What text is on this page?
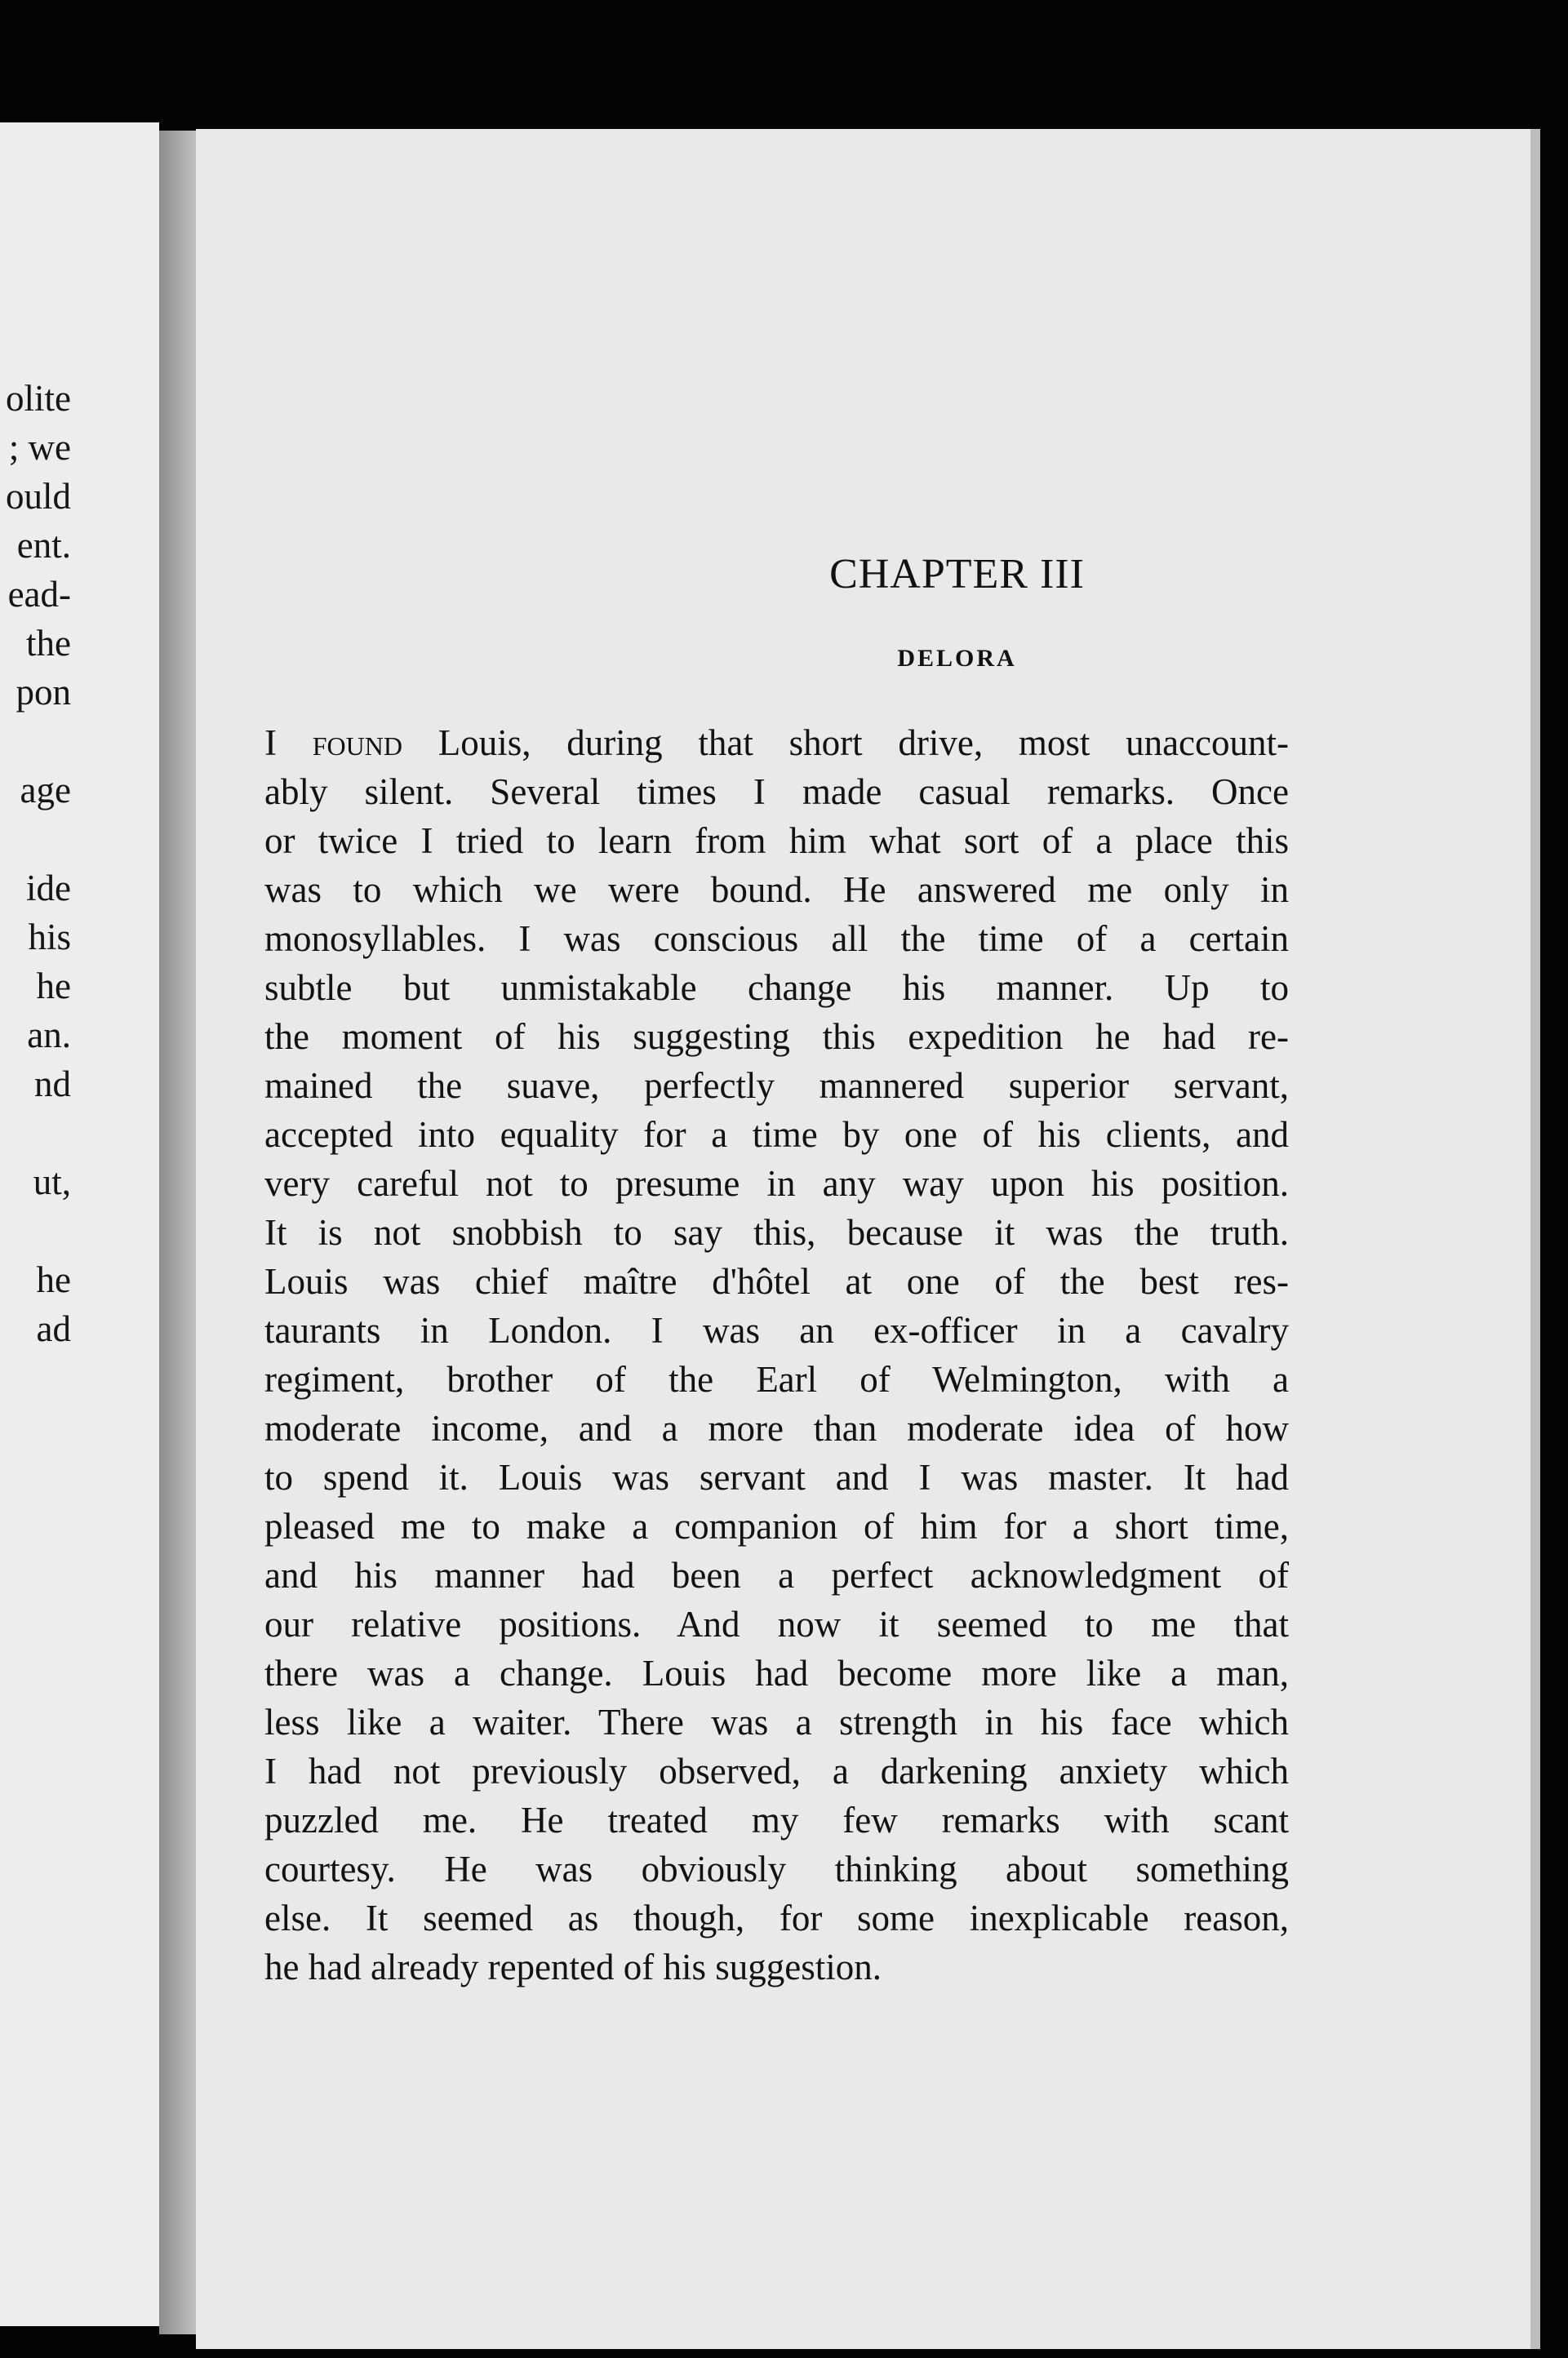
olite
; we
ould
ent.
ead-
the
pon
age
ide
his
he
an.
nd
ut,
he
ad
CHAPTER III
DELORA
I found Louis, during that short drive, most unaccount-
ably silent. Several times I made casual remarks. Once
or twice I tried to learn from him what sort of a place this
was to which we were bound. He answered me only in
monosyllables. I was conscious all the time of a certain
subtle but unmistakable change his manner. Up to
the moment of his suggesting this expedition he had re-
mained the suave, perfectly mannered superior servant,
accepted into equality for a time by one of his clients, and
very careful not to presume in any way upon his position.
It is not snobbish to say this, because it was the truth.
Louis was chief maître d'hôtel at one of the best res-
taurants in London. I was an ex-officer in a cavalry
regiment, brother of the Earl of Welmington, with a
moderate income, and a more than moderate idea of how
to spend it. Louis was servant and I was master. It had
pleased me to make a companion of him for a short time,
and his manner had been a perfect acknowledgment of
our relative positions. And now it seemed to me that
there was a change. Louis had become more like a man,
less like a waiter. There was a strength in his face which
I had not previously observed, a darkening anxiety which
puzzled me. He treated my few remarks with scant
courtesy. He was obviously thinking about something
else. It seemed as though, for some inexplicable reason,
he had already repented of his suggestion.
